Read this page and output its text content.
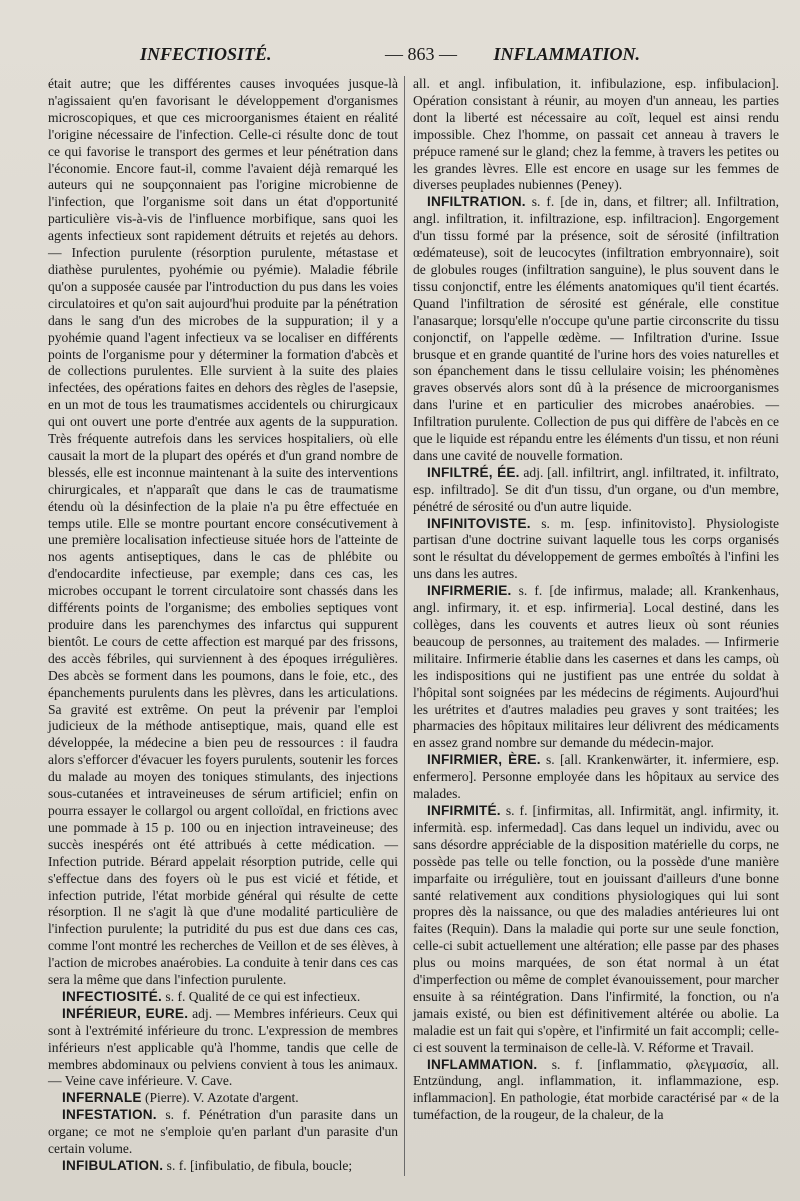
INFECTIOSITÉ.	— 863 — INFLAMMATION.

était autre; que les différentes causes invoquées jusque-là n'agissaient qu'en favorisant le développement d'organismes microscopiques, et que ces microorganismes étaient en réalité l'origine nécessaire de l'infection. Celle-ci résulte donc de tout ce qui favorise le transport des germes et leur pénétration dans l'économie. Encore faut-il, comme l'avaient déjà remarqué les auteurs qui ne soupçonnaient pas l'origine microbienne de l'infection, que l'organisme soit dans un état d'opportunité particulière vis-à-vis de l'influence morbifique, sans quoi les agents infectieux sont rapidement détruits et rejetés au dehors. — Infection purulente (résorption purulente, métastase et diathèse purulentes, pyohémie ou pyémie). Maladie fébrile qu'on a supposée causée par l'introduction du pus dans les voies circulatoires et qu'on sait aujourd'hui produite par la pénétration dans le sang d'un des microbes de la suppuration; il y a pyohémie quand l'agent infectieux va se localiser en différents points de l'organisme pour y déterminer la formation d'abcès et de collections purulentes. Elle survient à la suite des plaies infectées, des opérations faites en dehors des règles de l'asepsie, en un mot de tous les traumatismes accidentels ou chirurgicaux qui ont ouvert une porte d'entrée aux agents de la suppuration. Très fréquente autrefois dans les services hospitaliers, où elle causait la mort de la plupart des opérés et d'un grand nombre de blessés, elle est inconnue maintenant à la suite des interventions chirurgicales, et n'apparaît que dans le cas de traumatisme étendu où la désinfection de la plaie n'a pu être effectuée en temps utile. Elle se montre pourtant encore consécutivement à une première localisation infectieuse située hors de l'atteinte de nos agents antiseptiques, dans le cas de phlébite ou d'endocardite infectieuse, par exemple; dans ces cas, les microbes occupant le torrent circulatoire sont chassés dans les différents points de l'organisme; des embolies septiques vont produire dans les parenchymes des infarctus qui suppurent bientôt. Le cours de cette affection est marqué par des frissons, des accès fébriles, qui surviennent à des époques irrégulières. Des abcès se forment dans les poumons, dans le foie, etc., des épanchements purulents dans les plèvres, dans les articulations. Sa gravité est extrême. On peut la prévenir par l'emploi judicieux de la méthode antiseptique, mais, quand elle est développée, la médecine a bien peu de ressources : il faudra alors s'efforcer d'évacuer les foyers purulents, soutenir les forces du malade au moyen des toniques stimulants, des injections sous-cutanées et intraveineuses de sérum artificiel; enfin on pourra essayer le collargol ou argent colloïdal, en frictions avec une pommade à 15 p. 100 ou en injection intraveineuse; des succès inespérés ont été attribués à cette médication. — Infection putride. Bérard appelait résorption putride, celle qui s'effectue dans des foyers où le pus est vicié et fétide, et infection putride, l'état morbide général qui résulte de cette résorption. Il ne s'agit là que d'une modalité particulière de l'infection purulente; la putridité du pus est due dans ces cas, comme l'ont montré les recherches de Veillon et de ses élèves, à l'action de microbes anaérobies. La conduite à tenir dans ces cas sera la même que dans l'infection purulente.

INFECTIOSITÉ. s. f. Qualité de ce qui est infectieux.

INFÉRIEUR, EURE. adj. — Membres inférieurs. Ceux qui sont à l'extrémité inférieure du tronc. L'expression de membres inférieurs n'est applicable qu'à l'homme, tandis que celle de membres abdominaux ou pelviens convient à tous les animaux. — Veine cave inférieure. V. Cave.

INFERNALE (Pierre). V. Azotate d'argent.

INFESTATION. s. f. Pénétration d'un parasite dans un organe; ce mot ne s'emploie qu'en parlant d'un parasite d'un certain volume.

INFIBULATION. s. f. [infibulatio, de fibula, boucle;

all. et angl. infibulation, it. infibulazione, esp. infibulacion]. Opération consistant à réunir, au moyen d'un anneau, les parties dont la liberté est nécessaire au coït, lequel est ainsi rendu impossible. Chez l'homme, on passait cet anneau à travers le prépuce ramené sur le gland; chez la femme, à travers les petites ou les grandes lèvres. Elle est encore en usage sur les femmes de diverses peuplades nubiennes (Peney).

INFILTRATION. s. f. [de in, dans, et filtrer; all. Infiltration, angl. infiltration, it. infiltrazione, esp. infiltracion]. Engorgement d'un tissu formé par la présence, soit de sérosité (infiltration œdémateuse), soit de leucocytes (infiltration embryonnaire), soit de globules rouges (infiltration sanguine), le plus souvent dans le tissu conjonctif, entre les éléments anatomiques qu'il tient écartés. Quand l'infiltration de sérosité est générale, elle constitue l'anasarque; lorsqu'elle n'occupe qu'une partie circonscrite du tissu conjonctif, on l'appelle œdème. — Infiltration d'urine. Issue brusque et en grande quantité de l'urine hors des voies naturelles et son épanchement dans le tissu cellulaire voisin; les phénomènes graves observés alors sont dû à la présence de microorganismes dans l'urine et en particulier des microbes anaérobies. — Infiltration purulente. Collection de pus qui diffère de l'abcès en ce que le liquide est répandu entre les éléments d'un tissu, et non réuni dans une cavité de nouvelle formation.

INFILTRÉ, ÉE. adj. [all. infiltrirt, angl. infiltrated, it. infiltrato, esp. infiltrado]. Se dit d'un tissu, d'un organe, ou d'un membre, pénétré de sérosité ou d'un autre liquide.

INFINITOVISTE. s. m. [esp. infinitovisto]. Physiologiste partisan d'une doctrine suivant laquelle tous les corps organisés sont le résultat du développement de germes emboîtés à l'infini les uns dans les autres.

INFIRMERIE. s. f. [de infirmus, malade; all. Krankenhaus, angl. infirmary, it. et esp. infirmeria]. Local destiné, dans les collèges, dans les couvents et autres lieux où sont réunies beaucoup de personnes, au traitement des malades. — Infirmerie militaire. Infirmerie établie dans les casernes et dans les camps, où les indispositions qui ne justifient pas une entrée du soldat à l'hôpital sont soignées par les médecins de régiments. Aujourd'hui les urétrites et d'autres maladies peu graves y sont traitées; les pharmacies des hôpitaux militaires leur délivrent des médicaments en assez grand nombre sur demande du médecin-major.

INFIRMIER, ÈRE. s. [all. Krankenwärter, it. infermiere, esp. enfermero]. Personne employée dans les hôpitaux au service des malades.

INFIRMITÉ. s. f. [infirmitas, all. Infirmität, angl. infirmity, it. infermità. esp. infermedad]. Cas dans lequel un individu, avec ou sans désordre appréciable de la disposition matérielle du corps, ne possède pas telle ou telle fonction, ou la possède d'une manière imparfaite ou irrégulière, tout en jouissant d'ailleurs d'une bonne santé relativement aux conditions physiologiques qui lui sont propres dès la naissance, ou que des maladies antérieures lui ont faites (Requin). Dans la maladie qui porte sur une seule fonction, celle-ci subit actuellement une altération; elle passe par des phases plus ou moins marquées, de son état normal à un état d'imperfection ou même de complet évanouissement, pour marcher ensuite à sa réintégration. Dans l'infirmité, la fonction, ou n'a jamais existé, ou bien est définitivement altérée ou abolie. La maladie est un fait qui s'opère, et l'infirmité un fait accompli; celle-ci est souvent la terminaison de celle-là. V. Réforme et Travail.

INFLAMMATION. s. f. [inflammatio, φλεγμασία, all. Entzündung, angl. inflammation, it. inflammazione, esp. inflammacion]. En pathologie, état morbide caractérisé par « de la tuméfaction, de la rougeur, de la chaleur, de la
